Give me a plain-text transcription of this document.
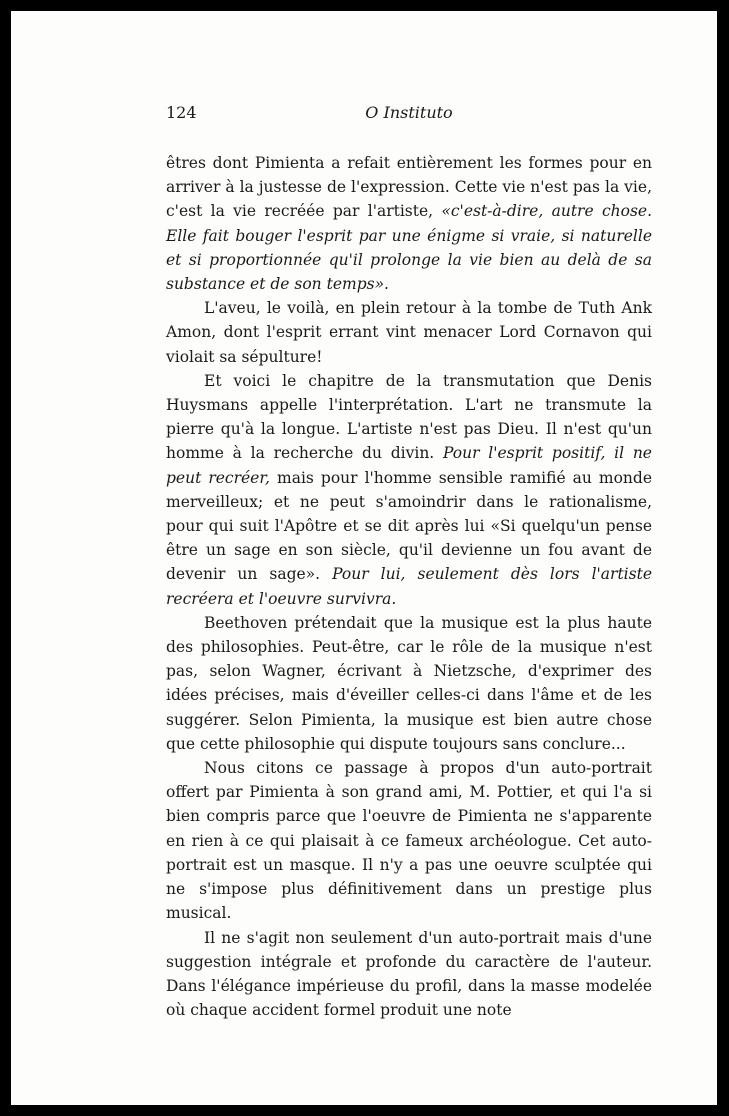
124	O Instituto

êtres dont Pimienta a refait entièrement les formes pour en arriver à la justesse de l'expression. Cette vie n'est pas la vie, c'est la vie recréée par l'artiste, «c'est-à-dire, autre chose. Elle fait bouger l'esprit par une énigme si vraie, si naturelle et si proportionnée qu'il prolonge la vie bien au delà de sa substance et de son temps».

L'aveu, le voilà, en plein retour à la tombe de Tuth Ank Amon, dont l'esprit errant vint menacer Lord Cornavon qui violait sa sépulture!

Et voici le chapitre de la transmutation que Denis Huysmans appelle l'interprétation. L'art ne transmute la pierre qu'à la longue. L'artiste n'est pas Dieu. Il n'est qu'un homme à la recherche du divin. Pour l'esprit positif, il ne peut recréer, mais pour l'homme sensible ramifié au monde merveilleux; et ne peut s'amoindrir dans le rationalisme, pour qui suit l'Apôtre et se dit après lui «Si quelqu'un pense être un sage en son siècle, qu'il devienne un fou avant de devenir un sage». Pour lui, seulement dès lors l'artiste recréera et l'oeuvre survivra.

Beethoven prétendait que la musique est la plus haute des philosophies. Peut-être, car le rôle de la musique n'est pas, selon Wagner, écrivant à Nietzsche, d'exprimer des idées précises, mais d'éveiller celles-ci dans l'âme et de les suggérer. Selon Pimienta, la musique est bien autre chose que cette philosophie qui dispute toujours sans conclure...

Nous citons ce passage à propos d'un auto-portrait offert par Pimienta à son grand ami, M. Pottier, et qui l'a si bien compris parce que l'oeuvre de Pimienta ne s'apparente en rien à ce qui plaisait à ce fameux archéologue. Cet auto-portrait est un masque. Il n'y a pas une oeuvre sculptée qui ne s'impose plus définitivement dans un prestige plus musical.

Il ne s'agit non seulement d'un auto-portrait mais d'une suggestion intégrale et profonde du caractère de l'auteur. Dans l'élégance impérieuse du profil, dans la masse modelée où chaque accident formel produit une note
